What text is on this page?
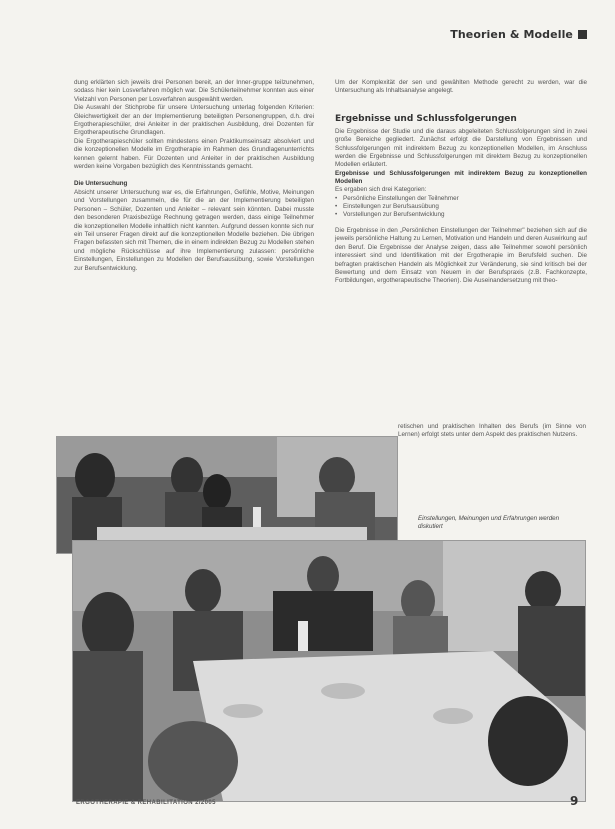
Theorien & Modelle

dung erklärten sich jeweils drei Personen bereit, an der Inner-gruppe teilzunehmen, sodass hier kein Losverfahren möglich war. Die Schülerteilnehmer konnten aus einer Vielzahl von Personen per Losverfahren ausgewählt werden.

Die Auswahl der Stichprobe für unsere Untersuchung unterlag folgenden Kriterien: Gleichwertigkeit der an der Implementierung beteiligten Personengruppen, d.h. drei Ergotherapieschüler, drei Anleiter in der praktischen Ausbildung, drei Dozenten für Ergotherapeutische Grundlagen.

Die Ergotherapieschüler sollten mindestens einen Praktikumseinsatz absolviert und die konzeptionellen Modelle im Ergotherapie im Rahmen des Grundlagenunterrichts kennen gelernt haben. Für Dozenten und Anleiter in der praktischen Ausbildung werden keine Vorgaben bezüglich des Kenntnisstands gemacht.

Die Untersuchung

Absicht unserer Untersuchung war es, die Erfahrungen, Gefühle, Motive, Meinungen und Vorstellungen zusammeln, die für die an der Implementierung beteiligten Personen – Schüler, Dozenten und Anleiter – relevant sein könnten. Dabei musste den besonderen Praxisbezüge Rechnung getragen werden, dass einige Teilnehmer die konzeptionellen Modelle inhaltlich nicht kannten. Aufgrund dessen konnte sich nur ein Teil unserer Fragen direkt auf die konzeptionellen Modelle beziehen. Die übrigen Fragen befassten sich mit Themen, die in einem indirekten Bezug zu Modellen stehen und mögliche Rückschlüsse auf ihre Implementierung zulassen: persönliche Einstellungen, Einstellungen zu Modellen der Berufsausübung, sowie Vorstellungen zur Berufsentwicklung.

Um der Komplexität der sen und gewählten Methode gerecht zu werden, war die Untersuchung als Inhaltsanalyse angelegt.

Ergebnisse und Schlussfolgerungen

Die Ergebnisse der Studie und die daraus abgeleiteten Schlussfolgerungen sind in zwei große Bereiche gegliedert. Zunächst erfolgt die Darstellung von Ergebnissen und Schlussfolgerungen mit indirektem Bezug zu konzeptionellen Modellen, im Anschluss werden die Ergebnisse und Schlussfolgerungen mit direktem Bezug zu konzeptionellen Modellen erläutert.

Ergebnisse und Schlussfolgerungen mit indirektem Bezug zu konzeptionellen Modellen

Es ergaben sich drei Kategorien:

• Persönliche Einstellungen der Teilnehmer
• Einstellungen zur Berufsausübung
• Vorstellungen zur Berufsentwicklung

Die Ergebnisse in den „Persönlichen Einstellungen der Teilnehmer" beziehen sich auf die jeweils persönliche Haltung zu Lernen, Motivation und Handeln und deren Auswirkung auf den Beruf. Die Ergebnisse der Analyse zeigen, dass alle Teilnehmer sowohl persönlich interessiert sind und Identifikation mit der Ergotherapie im Berufsfeld suchen. Die befragten praktischen Handeln als Möglichkeit zur Veränderung, sie sind kritisch bei der Bewertung und dem Einsatz von Neuem in der Berufspraxis (z.B. Fachkonzepte, Fortbildungen, ergotherapeutische Theorien). Die Auseinandersetzung mit theo-

retischen und praktischen Inhalten des Berufs (im Sinne von Lernen) erfolgt stets unter dem Aspekt des praktischen Nutzens.
Einstellungen, Meinungen und Erfahrungen werden diskutiert
ERGOTHERAPIE & REHABILITATION 2/2005	9
